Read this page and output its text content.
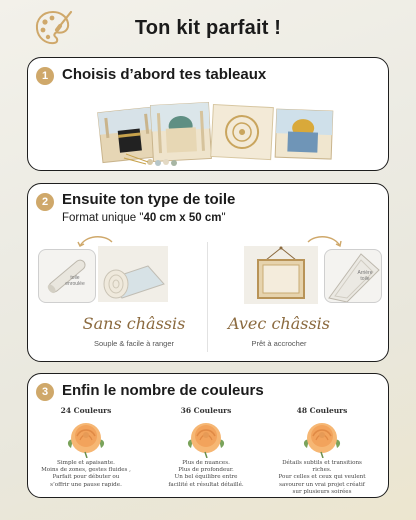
Ton kit parfait !
1 Choisis d’abord tes tableaux
2 Ensuite ton type de toile
Format unique "40 cm x 50 cm"
toile enroulée
Sans châssis
Souple & facile à ranger
Arrière toile
Avec châssis
Prêt à accrocher
3 Enfin le nombre de couleurs
24 Couleurs
Simple et apaisante.
Moins de zones, gestes fluides ,
Parfait pour débuter ou
s’offrir une pause rapide.
36 Couleurs
Plus de nuances.
Plus de profondeur.
Un bel équilibre entre
facilité et résultat détaillé.
48 Couleurs
Détails subtils et transitions riches.
Pour celles et ceux qui veulent
savourer un vrai projet créatif
sur plusieurs soirées
